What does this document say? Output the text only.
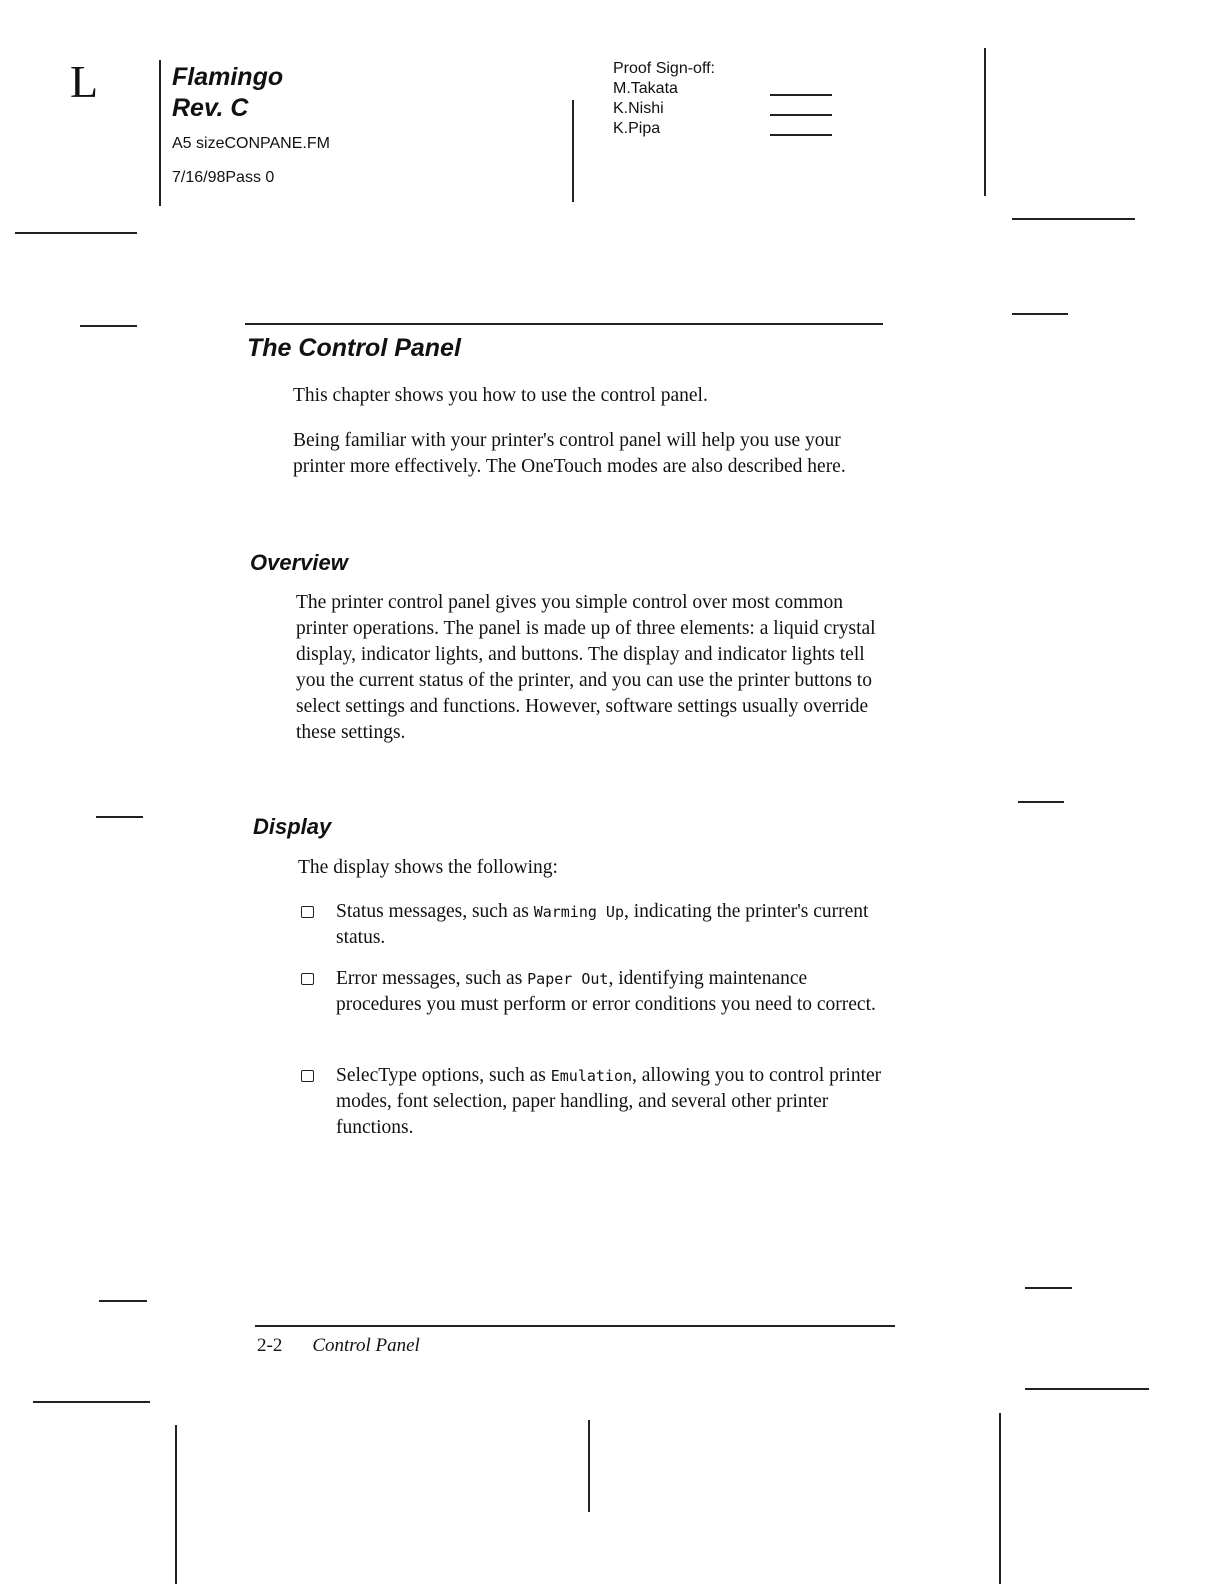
L	Flamingo
Rev. C
A5 sizeCONPANE.FM
7/16/98Pass 0
Proof Sign-off:
M.Takata
K.Nishi
K.Pipa
The Control Panel
This chapter shows you how to use the control panel.
Being familiar with your printer's control panel will help you use your printer more effectively. The OneTouch modes are also described here.
Overview
The printer control panel gives you simple control over most common printer operations. The panel is made up of three elements: a liquid crystal display, indicator lights, and buttons. The display and indicator lights tell you the current status of the printer, and you can use the printer buttons to select settings and functions. However, software settings usually override these settings.
Display
The display shows the following:
Status messages, such as Warming Up, indicating the printer's current status.
Error messages, such as Paper Out, identifying maintenance procedures you must perform or error conditions you need to correct.
SelecType options, such as Emulation, allowing you to control printer modes, font selection, paper handling, and several other printer functions.
2-2 Control Panel
